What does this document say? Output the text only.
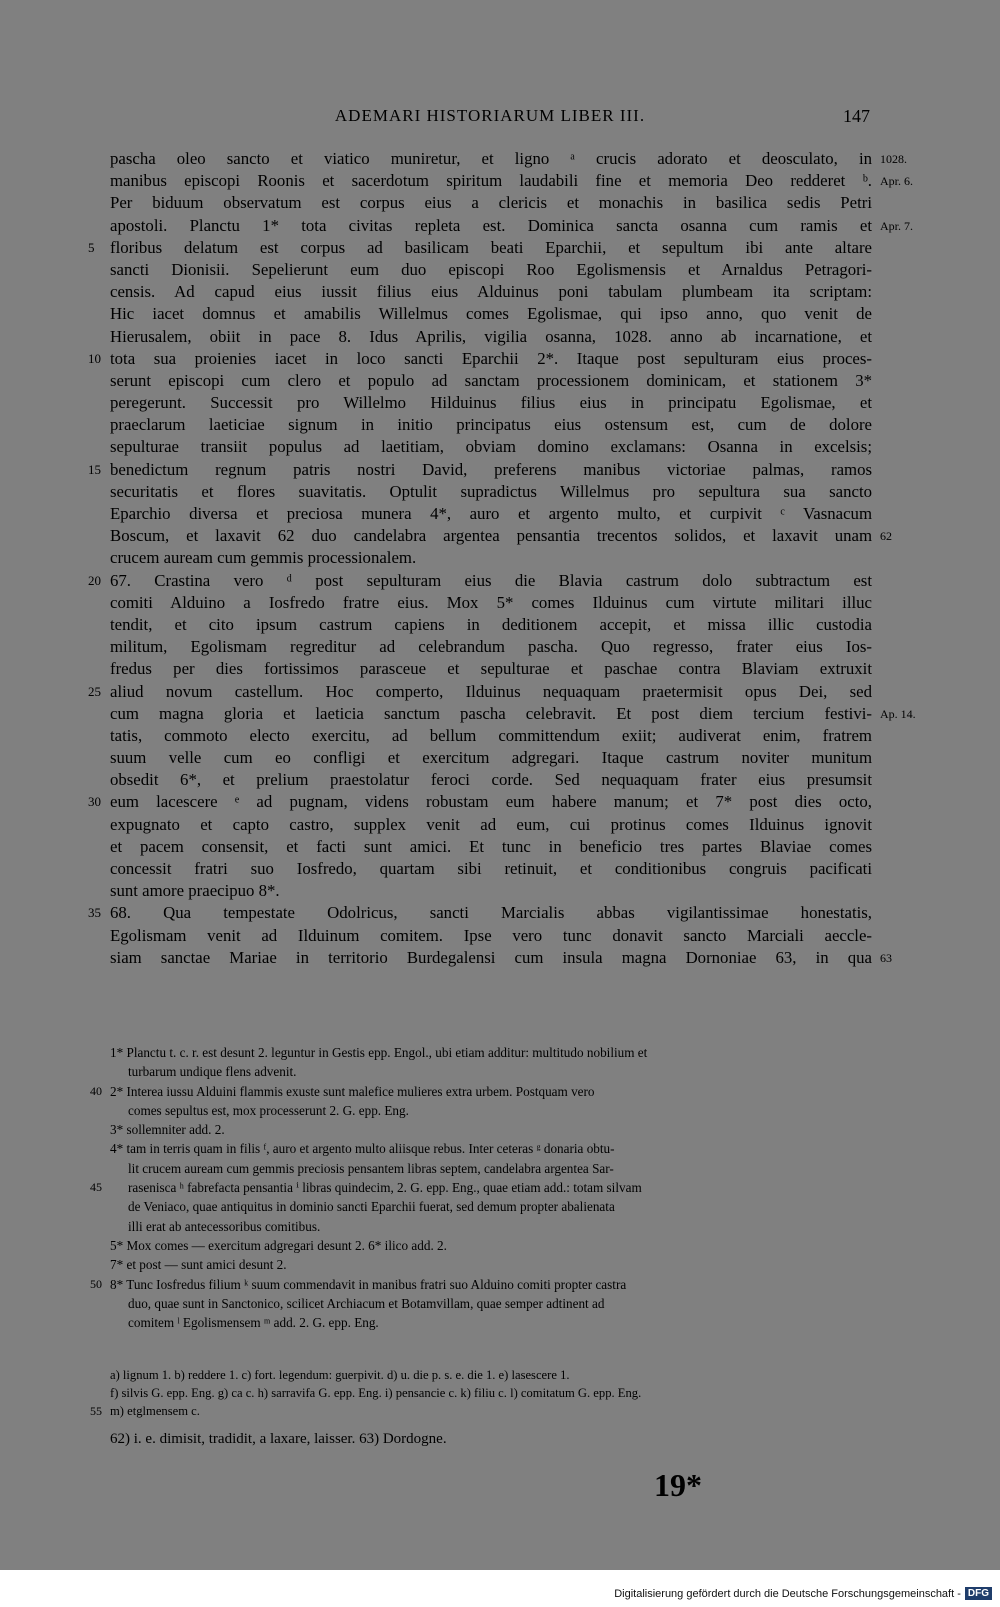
ADEMARI HISTORIARUM LIBER III.	147
pascha oleo sancto et viatico muniretur, et ligno ᵃ crucis adorato et deosculato, in 1028.
manibus episcopi Roonis et sacerdotum spiritum laudabili fine et memoria Deo redderet ᵇ. Apr. 6.
Per biduum observatum est corpus eius a clericis et monachis in basilica sedis Petri
apostoli. Planctu 1* tota civitas repleta est. Dominica sancta osanna cum ramis et Apr. 7.
5 floribus delatum est corpus ad basilicam beati Eparchii, et sepultum ibi ante altare
sancti Dionisii. Sepelierunt eum duo episcopi Roo Egolismensis et Arnaldus Petragori-
censis. Ad capud eius iussit filius eius Alduinus poni tabulam plumbeam ita scriptam:
Hic iacet domnus et amabilis Willelmus comes Egolismae, qui ipso anno, quo venit de
Hierusalem, obiit in pace 8. Idus Aprilis, vigilia osanna, 1028. anno ab incarnatione, et
10 tota sua proienies iacet in loco sancti Eparchii 2*. Itaque post sepulturam eius proces-
serunt episcopi cum clero et populo ad sanctam processionem dominicam, et stationem 3*
peregerunt. Successit pro Willelmo Hilduinus filius eius in principatu Egolismae, et
praeclarum laeticiae signum in initio principatus eius ostensum est, cum de dolore
sepulturae transiit populus ad laetitiam, obviam domino exclamans: Osanna in excelsis;
15 benedictum regnum patris nostri David, preferens manibus victoriae palmas, ramos
securitatis et flores suavitatis. Optulit supradictus Willelmus pro sepultura sua sancto
Eparchio diversa et preciosa munera 4*, auro et argento multo, et curpivit ᶜ Vasnacum
Boscum, et laxavit 62 duo candelabra argentea pensantia trecentos solidos, et laxavit unam 62
crucem auream cum gemmis processionalem.
20 67. Crastina vero ᵈ post sepulturam eius die Blavia castrum dolo subtractum est
comiti Alduino a Iosfredo fratre eius. Mox 5* comes Ilduinus cum virtute militari illuc
tendit, et cito ipsum castrum capiens in deditionem accepit, et missa illic custodia
militum, Egolismam regreditur ad celebrandum pascha. Quo regresso, frater eius Ios-
fredus per dies fortissimos parasceue et sepulturae et paschae contra Blaviam extruxit
25 aliud novum castellum. Hoc comperto, Ilduinus nequaquam praetermisit opus Dei, sed
cum magna gloria et laeticia sanctum pascha celebravit. Et post diem tercium festivi- Ap. 14.
tatis, commoto electo exercitu, ad bellum committendum exiit; audiverat enim, fratrem
suum velle cum eo confligi et exercitum adgregari. Itaque castrum noviter munitum
obsedit 6*, et prelium praestolatur feroci corde. Sed nequaquam frater eius presumsit
30 eum lacescere ᵉ ad pugnam, videns robustam eum habere manum; et 7* post dies octo,
expugnato et capto castro, supplex venit ad eum, cui protinus comes Ilduinus ignovit
et pacem consensit, et facti sunt amici. Et tunc in beneficio tres partes Blaviae comes
concessit fratri suo Iosfredo, quartam sibi retinuit, et conditionibus congruis pacificati
sunt amore praecipuo 8*.
35 68. Qua tempestate Odolricus, sancti Marcialis abbas vigilantissimae honestatis,
Egolismam venit ad Ilduinum comitem. Ipse vero tunc donavit sancto Marciali aeccle-
siam sanctae Mariae in territorio Burdegalensi cum insula magna Dornoniae 63, in qua 63
1* Planctu t. c. r. est desunt 2. leguntur in Gestis epp. Engol., ubi etiam additur: multitudo nobilium et
turbarum undique flens advenit.
40 2* Interea iussu Alduini flammis exuste sunt malefice mulieres extra urbem. Postquam vero
comes sepultus est, mox processerunt 2. G. epp. Eng.
3* sollemniter add. 2.
4* tam in terris quam in filis ᶠ, auro et argento multo aliisque rebus. Inter ceteras ᵍ donaria obtu-
lit crucem auream cum gemmis preciosis pensantem libras septem, candelabra argentea Sar-
45 rasenisca ʰ fabrefacta pensantia ⁱ libras quindecim, 2. G. epp. Eng., quae etiam add.: totam silvam
de Veniaco, quae antiquitus in dominio sancti Eparchii fuerat, sed demum propter abalienata
illi erat ab antecessoribus comitibus.
5* Mox comes — exercitum adgregari desunt 2. 6* ilico add. 2.
7* et post — sunt amici desunt 2.
50 8* Tunc Iosfredus filium ᵏ suum commendavit in manibus fratri suo Alduino comiti propter castra
duo, quae sunt in Sanctonico, scilicet Archiacum et Botamvillam, quae semper adtinent ad
comitem ˡ Egolismensem ᵐ add. 2. G. epp. Eng.
a) lignum 1. b) reddere 1. c) fort. legendum: guerpivit. d) u. die p. s. e. die 1. e) lasescere 1.
f) silvis G. epp. Eng. g) ca c. h) sarravifa G. epp. Eng. i) pensancie c. k) filiu c. l) comitatum G. epp. Eng.
55 m) etglmensem c.
62) i. e. dimisit, tradidit, a laxare, laisser. 63) Dordogne.
19*
Digitalisierung gefördert durch die Deutsche Forschungsgemeinschaft - DFG
